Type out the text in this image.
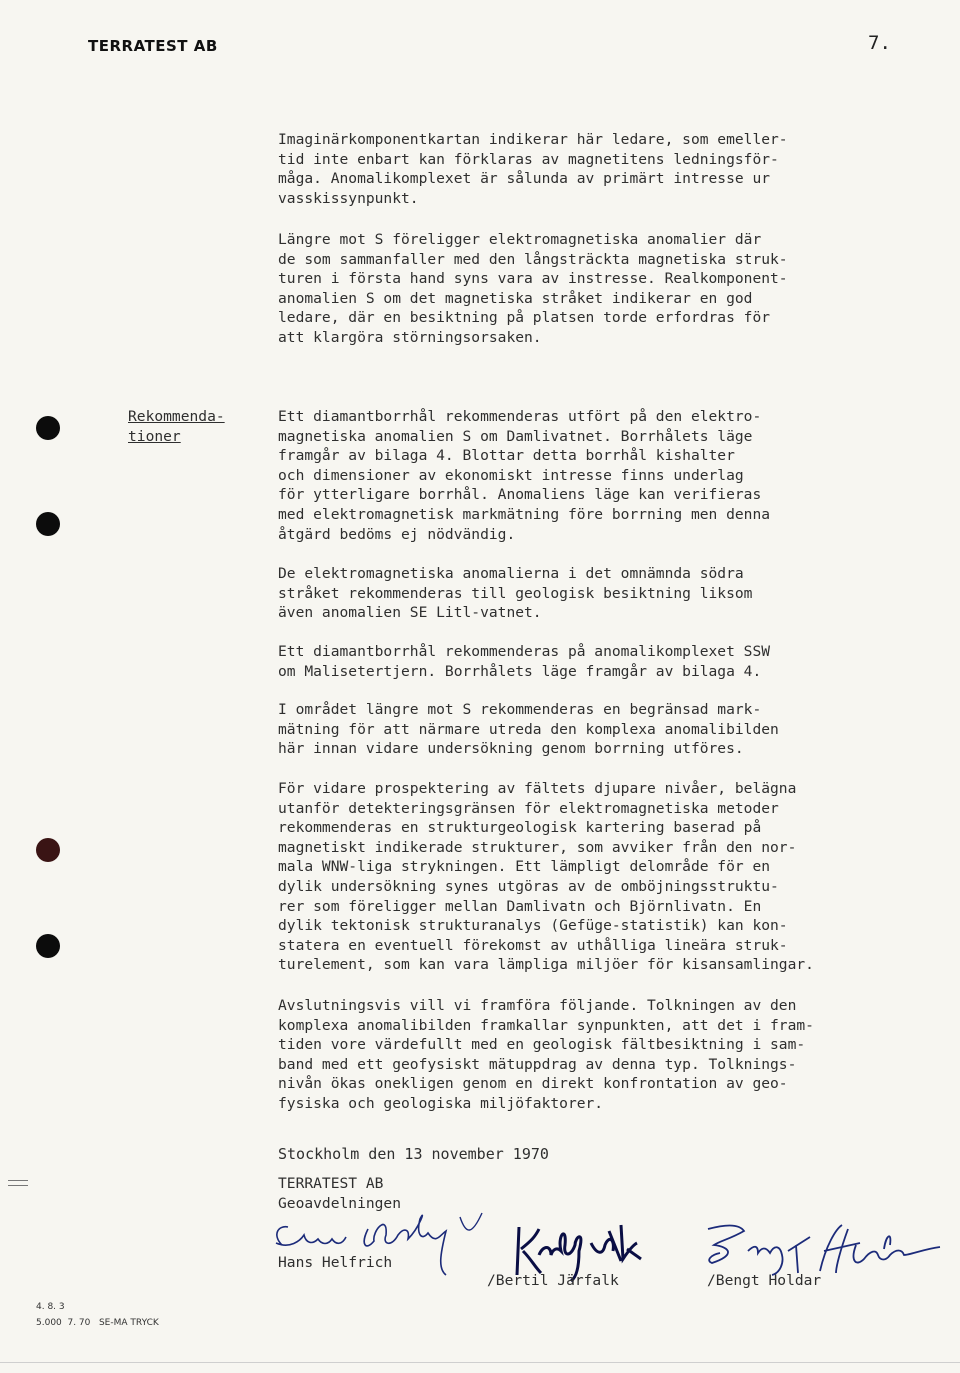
TERRATEST AB	7.
Imaginärkomponentkartan indikerar här ledare, som emeller-
tid inte enbart kan förklaras av magnetitens ledningsför-
måga. Anomalikomplexet är sålunda av primärt intresse ur
vasskissynpunkt.
Längre mot S föreligger elektromagnetiska anomalier där
de som sammanfaller med den långsträckta magnetiska struk-
turen i första hand syns vara av instresse. Realkomponent-
anomalien S om det magnetiska stråket indikerar en god
ledare, där en besiktning på platsen torde erfordras för
att klargöra störningsorsaken.
Rekommenda-
tioner
Ett diamantborrhål rekommenderas utfört på den elektro-
magnetiska anomalien S om Damlivatnet. Borrhålets läge
framgår av bilaga 4. Blottar detta borrhål kishalter
och dimensioner av ekonomiskt intresse finns underlag
för ytterligare borrhål. Anomaliens läge kan verifieras
med elektromagnetisk markmätning före borrning men denna
åtgärd bedöms ej nödvändig.
De elektromagnetiska anomalierna i det omnämnda södra
stråket rekommenderas till geologisk besiktning liksom
även anomalien SE Litl-vatnet.
Ett diamantborrhål rekommenderas på anomalikomplexet SSW
om Malisetertjern. Borrhålets läge framgår av bilaga 4.
I området längre mot S rekommenderas en begränsad mark-
mätning för att närmare utreda den komplexa anomalibilden
här innan vidare undersökning genom borrning utföres.
För vidare prospektering av fältets djupare nivåer, belägna
utanför detekteringsgränsen för elektromagnetiska metoder
rekommenderas en strukturgeologisk kartering baserad på
magnetiskt indikerade strukturer, som avviker från den nor-
mala WNW-liga strykningen. Ett lämpligt delområde för en
dylik undersökning synes utgöras av de omböjningsstruktu-
rer som föreligger mellan Damlivatn och Björnlivatn. En
dylik tektonisk strukturanalys (Gefüge-statistik) kan kon-
statera en eventuell förekomst av uthålliga lineära struk-
turelement, som kan vara lämpliga miljöer för kisansamlingar.
Avslutningsvis vill vi framföra följande. Tolkningen av den
komplexa anomalibilden framkallar synpunkten, att det i fram-
tiden vore värdefullt med en geologisk fältbesiktning i sam-
band med ett geofysiskt mätuppdrag av denna typ. Tolknings-
nivån ökas onekligen genom en direkt konfrontation av geo-
fysiska och geologiska miljöfaktorer.
Stockholm den 13 november 1970
TERRATEST AB
Geoavdelningen
Hans Helfrich
/Bertil Järfalk	/Bengt Holdar
4. 8. 3
5.000  7. 70   SE-MA TRYCK
